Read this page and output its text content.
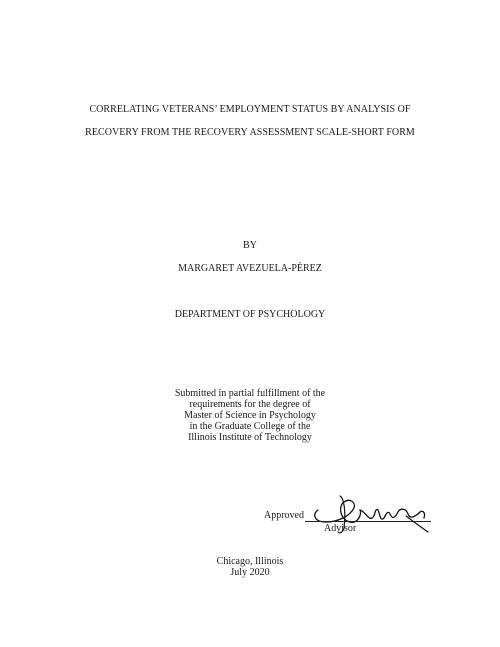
CORRELATING VETERANS’ EMPLOYMENT STATUS BY ANALYSIS OF
RECOVERY FROM THE RECOVERY ASSESSMENT SCALE-SHORT FORM
BY
MARGARET AVEZUELA-PÉREZ
DEPARTMENT OF PSYCHOLOGY
Submitted in partial fulfillment of the
requirements for the degree of
Master of Science in Psychology
in the Graduate College of the
Illinois Institute of Technology
Approved
Advisor
Chicago, Illinois
July 2020
